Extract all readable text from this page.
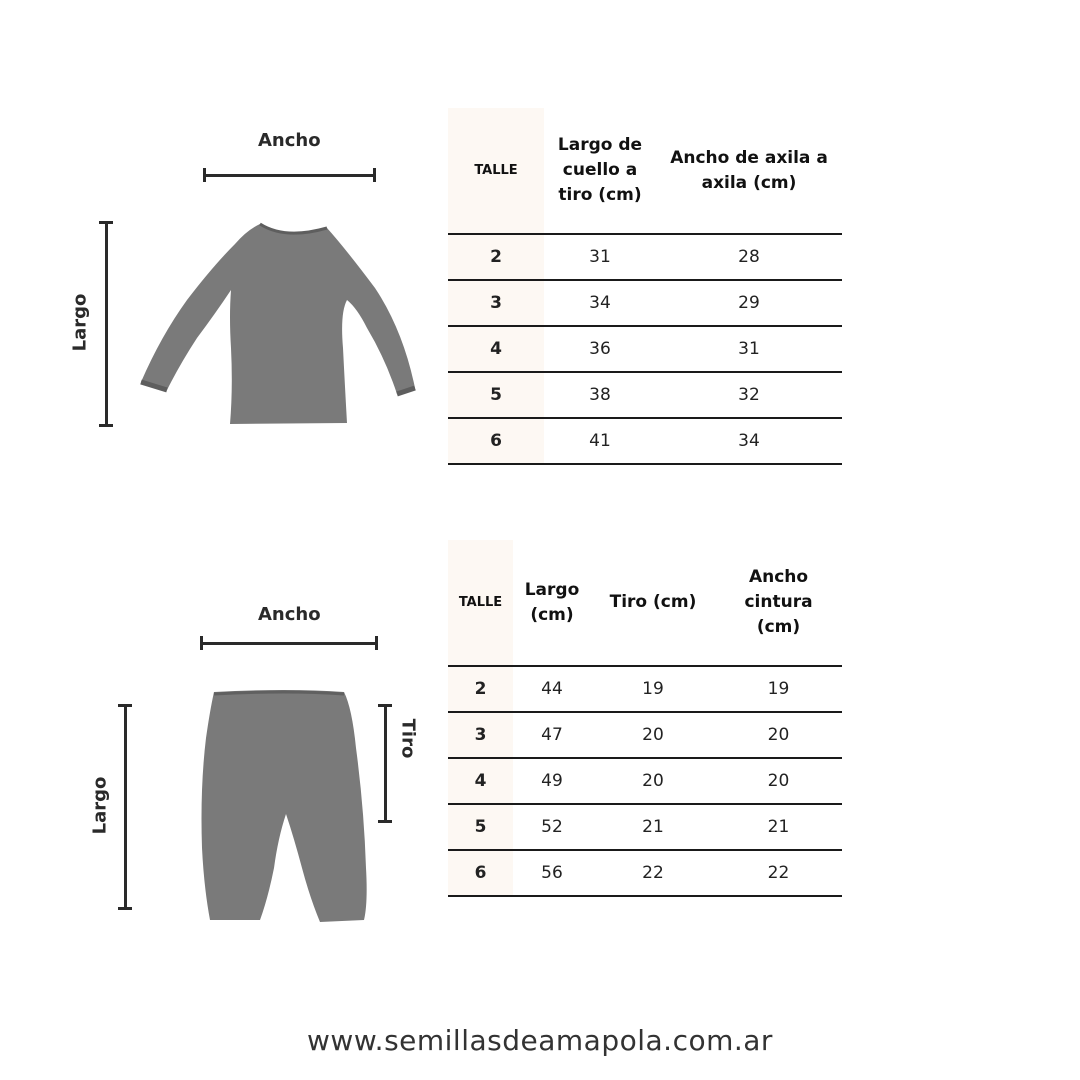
Ancho
Largo
TALLE	Largo de cuello a tiro (cm)	Ancho de axila a axila (cm)
2	31	28
3	34	29
4	36	31
5	38	32
6	41	34
Ancho
Largo
Tiro
TALLE	Largo (cm)	Tiro (cm)	Ancho cintura (cm)
2	44	19	19
3	47	20	20
4	49	20	20
5	52	21	21
6	56	22	22
www.semillasdeamapola.com.ar
